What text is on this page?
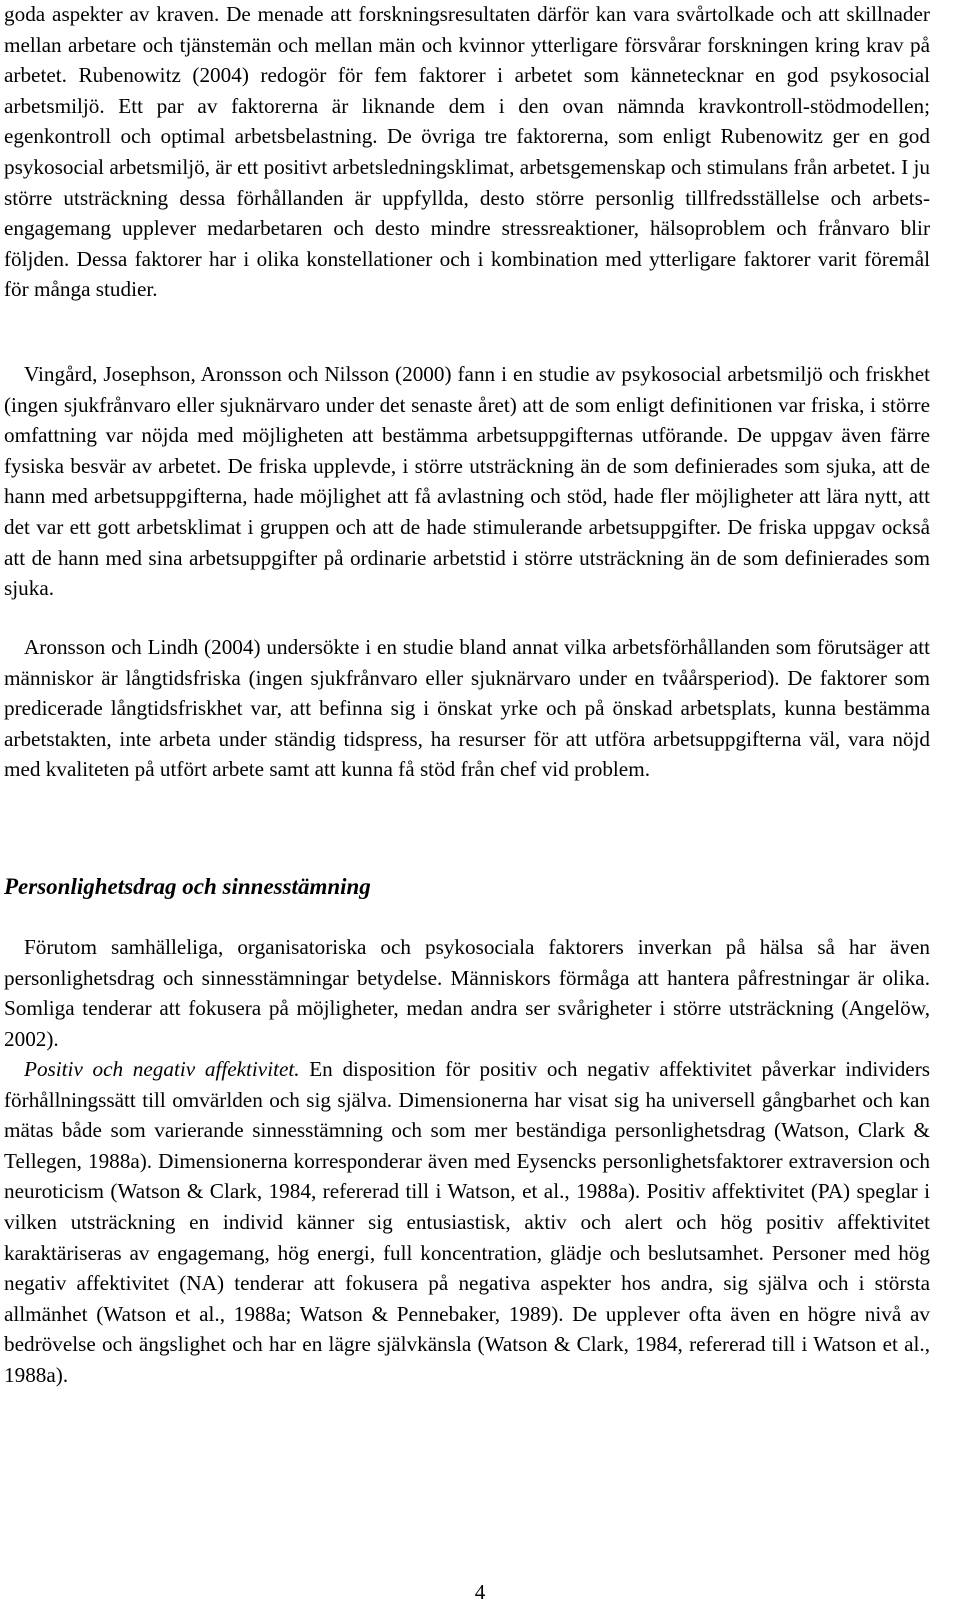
goda aspekter av kraven. De menade att forskningsresultaten därför kan vara svårtolkade och att skillnader mellan arbetare och tjänstemän och mellan män och kvinnor ytterligare försvårar forskningen kring krav på arbetet. Rubenowitz (2004) redogör för fem faktorer i arbetet som kännetecknar en god psykosocial arbetsmiljö. Ett par av faktorerna är liknande dem i den ovan nämnda kravkontroll-stödmodellen; egenkontroll och optimal arbetsbelastning. De övriga tre faktorerna, som enligt Rubenowitz ger en god psykosocial arbetsmiljö, är ett positivt arbetsledningsklimat, arbetsgemenskap och stimulans från arbetet. I ju större utsträckning dessa förhållanden är uppfyllda, desto större personlig tillfredsställelse och arbetsengagemang upplever medarbetaren och desto mindre stressreaktioner, hälsoproblem och frånvaro blir följden. Dessa faktorer har i olika konstellationer och i kombination med ytterligare faktorer varit föremål för många studier.

Vingård, Josephson, Aronsson och Nilsson (2000) fann i en studie av psykosocial arbetsmiljö och friskhet (ingen sjukfrånvaro eller sjuknärvaro under det senaste året) att de som enligt definitionen var friska, i större omfattning var nöjda med möjligheten att bestämma arbetsuppgifternas utförande. De uppgav även färre fysiska besvär av arbetet. De friska upplevde, i större utsträckning än de som definierades som sjuka, att de hann med arbetsuppgifterna, hade möjlighet att få avlastning och stöd, hade fler möjligheter att lära nytt, att det var ett gott arbetsklimat i gruppen och att de hade stimulerande arbetsuppgifter. De friska uppgav också att de hann med sina arbetsuppgifter på ordinarie arbetstid i större utsträckning än de som definierades som sjuka.

Aronsson och Lindh (2004) undersökte i en studie bland annat vilka arbetsförhållanden som förutsäger att människor är långtidsfriska (ingen sjukfrånvaro eller sjuknärvaro under en tvåårsperiod). De faktorer som predicerade långtidsfriskhet var, att befinna sig i önskat yrke och på önskad arbetsplats, kunna bestämma arbetstakten, inte arbeta under ständig tidspress, ha resurser för att utföra arbetsuppgifterna väl, vara nöjd med kvaliteten på utfört arbete samt att kunna få stöd från chef vid problem.

Personlighetsdrag och sinnesstämning

Förutom samhälleliga, organisatoriska och psykosociala faktorers inverkan på hälsa så har även personlighetsdrag och sinnesstämningar betydelse. Människors förmåga att hantera påfrestningar är olika. Somliga tenderar att fokusera på möjligheter, medan andra ser svårigheter i större utsträckning (Angelöw, 2002).

Positiv och negativ affektivitet. En disposition för positiv och negativ affektivitet påverkar individers förhållningssätt till omvärlden och sig själva. Dimensionerna har visat sig ha universell gångbarhet och kan mätas både som varierande sinnesstämning och som mer beständiga personlighetsdrag (Watson, Clark & Tellegen, 1988a). Dimensionerna korresponderar även med Eysencks personlighetsfaktorer extraversion och neuroticism (Watson & Clark, 1984, refererad till i Watson, et al., 1988a). Positiv affektivitet (PA) speglar i vilken utsträckning en individ känner sig entusiastisk, aktiv och alert och hög positiv affektivitet karaktäriseras av engagemang, hög energi, full koncentration, glädje och beslutsamhet. Personer med hög negativ affektivitet (NA) tenderar att fokusera på negativa aspekter hos andra, sig själva och i största allmänhet (Watson et al., 1988a; Watson & Pennebaker, 1989). De upplever ofta även en högre nivå av bedrövelse och ängslighet och har en lägre självkänsla (Watson & Clark, 1984, refererad till i Watson et al., 1988a).

4
